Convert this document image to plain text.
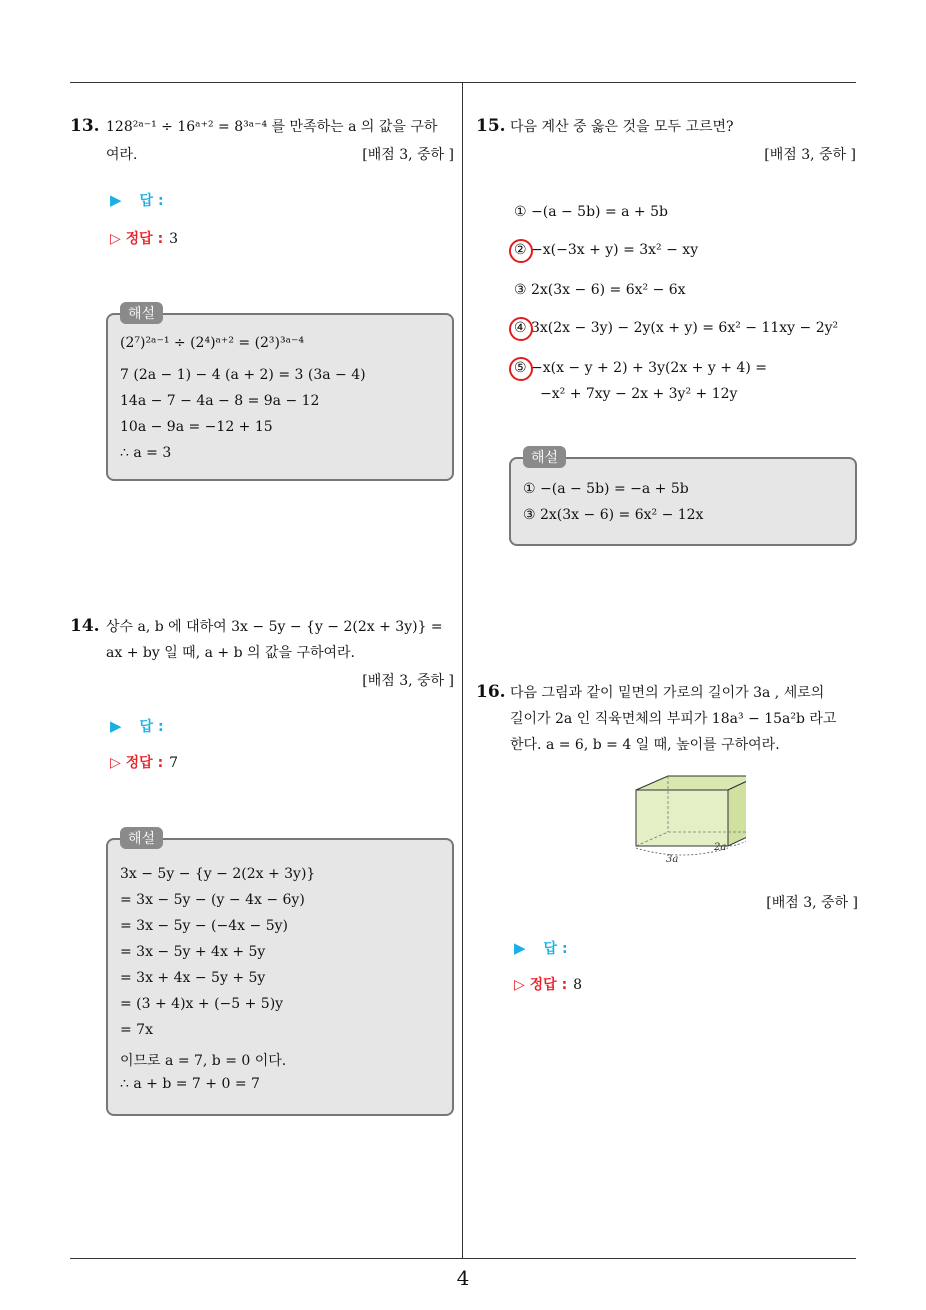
13. 128²ᵃ⁻¹ ÷ 16ᵃ⁺² = 8³ᵃ⁻⁴ 를 만족하는 a 의 값을 구하
여라.	[배점 3, 중하 ]
▶ 답 :
▷ 정답 : 3
(2⁷)²ᵃ⁻¹ ÷ (2⁴)ᵃ⁺² = (2³)³ᵃ⁻⁴
7 (2a − 1) − 4 (a + 2) = 3 (3a − 4)
14a − 7 − 4a − 8 = 9a − 12
10a − 9a = −12 + 15
∴ a = 3
해설
14. 상수 a, b 에 대하여 3x − 5y − {y − 2(2x + 3y)} =
ax + by 일 때, a + b 의 값을 구하여라.
[배점 3, 중하 ]
▶ 답 :
▷ 정답 : 7
3x − 5y − {y − 2(2x + 3y)}
= 3x − 5y − (y − 4x − 6y)
= 3x − 5y − (−4x − 5y)
= 3x − 5y + 4x + 5y
= 3x + 4x − 5y + 5y
= (3 + 4)x + (−5 + 5)y
= 7x
이므로 a = 7, b = 0 이다.
∴ a + b = 7 + 0 = 7
해설
15. 다음 계산 중 옳은 것을 모두 고르면?
[배점 3, 중하 ]
① −(a − 5b) = a + 5b
② −x(−3x + y) = 3x² − xy
③ 2x(3x − 6) = 6x² − 6x
④ 3x(2x − 3y) − 2y(x + y) = 6x² − 11xy − 2y²
⑤ −x(x − y + 2) + 3y(2x + y + 4) =
−x² + 7xy − 2x + 3y² + 12y
① −(a − 5b) = −a + 5b
③ 2x(3x − 6) = 6x² − 12x
해설
16. 다음 그림과 같이 밑면의 가로의 길이가 3a , 세로의
길이가 2a 인 직육면체의 부피가 18a³ − 15a²b 라고
한다. a = 6, b = 4 일 때, 높이를 구하여라.
3a
2a
[배점 3, 중하 ]
▶ 답 :
▷ 정답 : 8
4
